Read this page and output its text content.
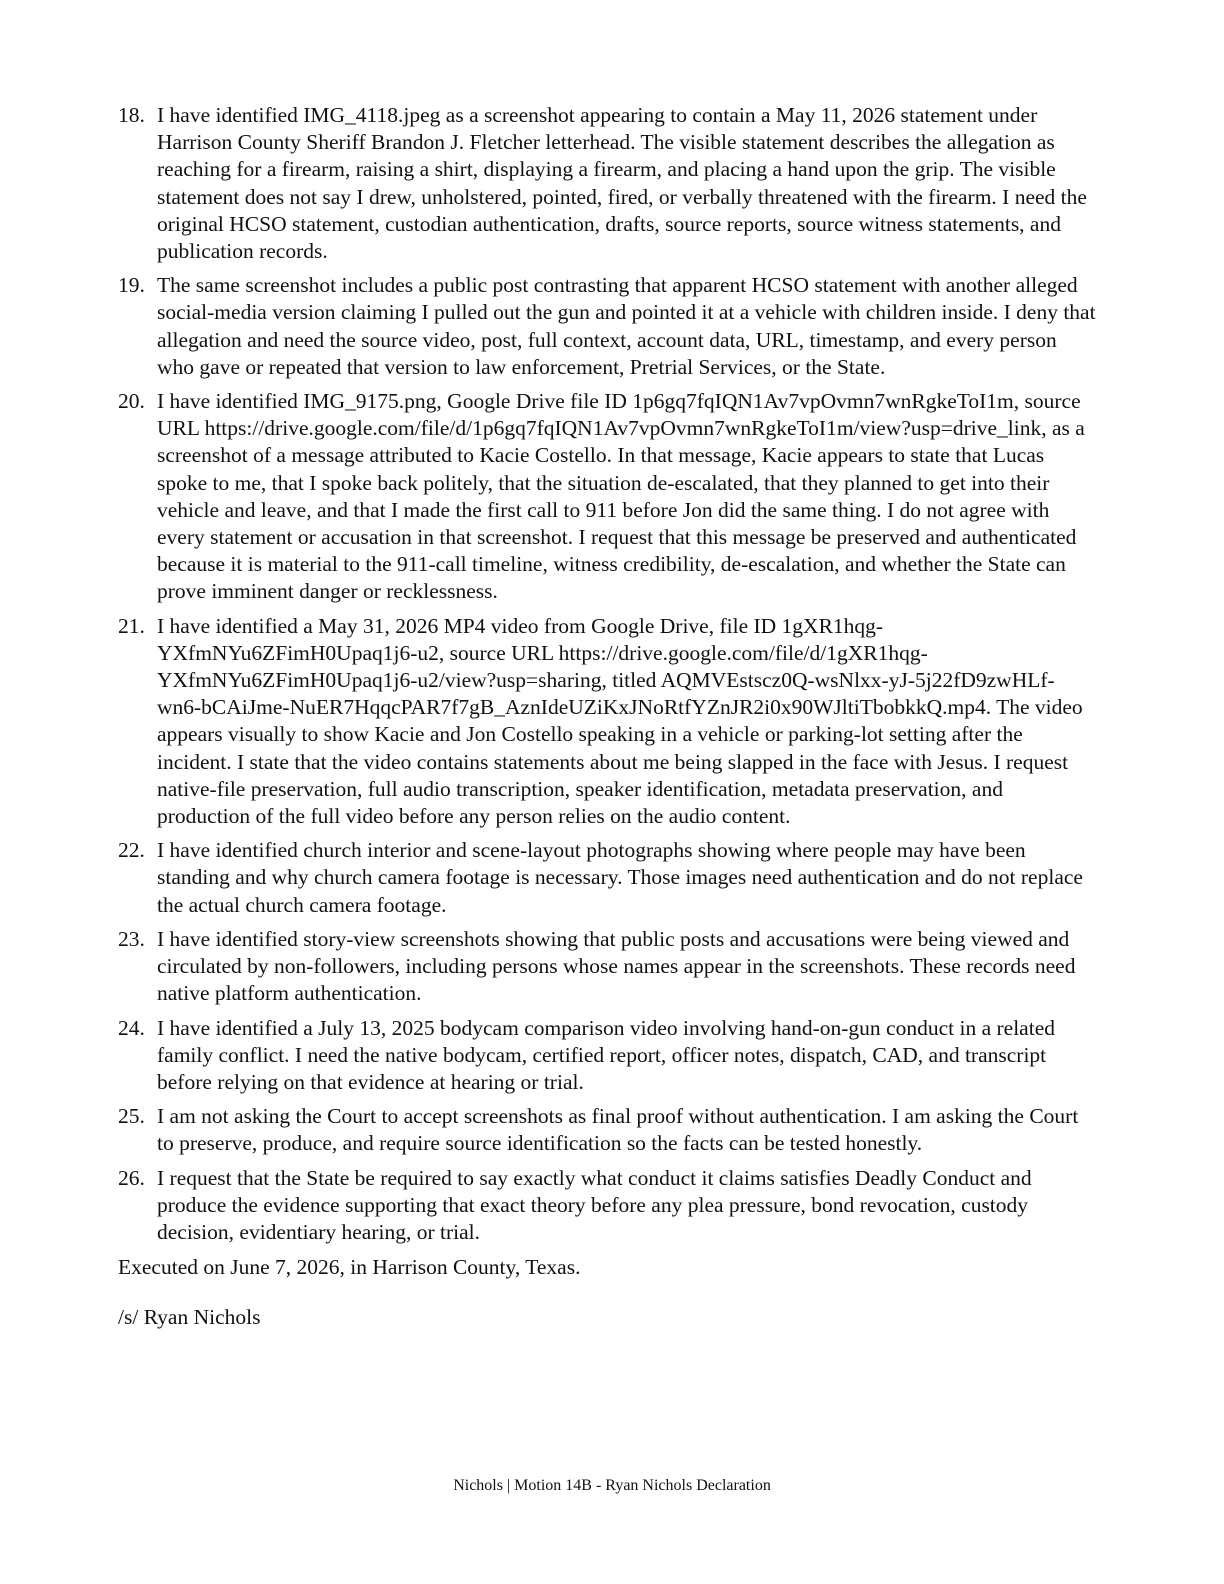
18. I have identified IMG_4118.jpeg as a screenshot appearing to contain a May 11, 2026 statement under Harrison County Sheriff Brandon J. Fletcher letterhead. The visible statement describes the allegation as reaching for a firearm, raising a shirt, displaying a firearm, and placing a hand upon the grip. The visible statement does not say I drew, unholstered, pointed, fired, or verbally threatened with the firearm. I need the original HCSO statement, custodian authentication, drafts, source reports, source witness statements, and publication records.
19. The same screenshot includes a public post contrasting that apparent HCSO statement with another alleged social-media version claiming I pulled out the gun and pointed it at a vehicle with children inside. I deny that allegation and need the source video, post, full context, account data, URL, timestamp, and every person who gave or repeated that version to law enforcement, Pretrial Services, or the State.
20. I have identified IMG_9175.png, Google Drive file ID 1p6gq7fqIQN1Av7vpOvmn7wnRgkeToI1m, source URL https://drive.google.com/file/d/1p6gq7fqIQN1Av7vpOvmn7wnRgkeToI1m/view?usp=drive_link, as a screenshot of a message attributed to Kacie Costello. In that message, Kacie appears to state that Lucas spoke to me, that I spoke back politely, that the situation de-escalated, that they planned to get into their vehicle and leave, and that I made the first call to 911 before Jon did the same thing. I do not agree with every statement or accusation in that screenshot. I request that this message be preserved and authenticated because it is material to the 911-call timeline, witness credibility, de-escalation, and whether the State can prove imminent danger or recklessness.
21. I have identified a May 31, 2026 MP4 video from Google Drive, file ID 1gXR1hqg-YXfmNYu6ZFimH0Upaq1j6-u2, source URL https://drive.google.com/file/d/1gXR1hqg-YXfmNYu6ZFimH0Upaq1j6-u2/view?usp=sharing, titled AQMVEstscz0Q-wsNlxx-yJ-5j22fD9zwHLf-wn6-bCAiJme-NuER7HqqcPAR7f7gB_AznIdeUZiKxJNoRtfYZnJR2i0x90WJltiTbobkkQ.mp4. The video appears visually to show Kacie and Jon Costello speaking in a vehicle or parking-lot setting after the incident. I state that the video contains statements about me being slapped in the face with Jesus. I request native-file preservation, full audio transcription, speaker identification, metadata preservation, and production of the full video before any person relies on the audio content.
22. I have identified church interior and scene-layout photographs showing where people may have been standing and why church camera footage is necessary. Those images need authentication and do not replace the actual church camera footage.
23. I have identified story-view screenshots showing that public posts and accusations were being viewed and circulated by non-followers, including persons whose names appear in the screenshots. These records need native platform authentication.
24. I have identified a July 13, 2025 bodycam comparison video involving hand-on-gun conduct in a related family conflict. I need the native bodycam, certified report, officer notes, dispatch, CAD, and transcript before relying on that evidence at hearing or trial.
25. I am not asking the Court to accept screenshots as final proof without authentication. I am asking the Court to preserve, produce, and require source identification so the facts can be tested honestly.
26. I request that the State be required to say exactly what conduct it claims satisfies Deadly Conduct and produce the evidence supporting that exact theory before any plea pressure, bond revocation, custody decision, evidentiary hearing, or trial.

Executed on June 7, 2026, in Harrison County, Texas.

/s/ Ryan Nichols

Nichols | Motion 14B - Ryan Nichols Declaration
